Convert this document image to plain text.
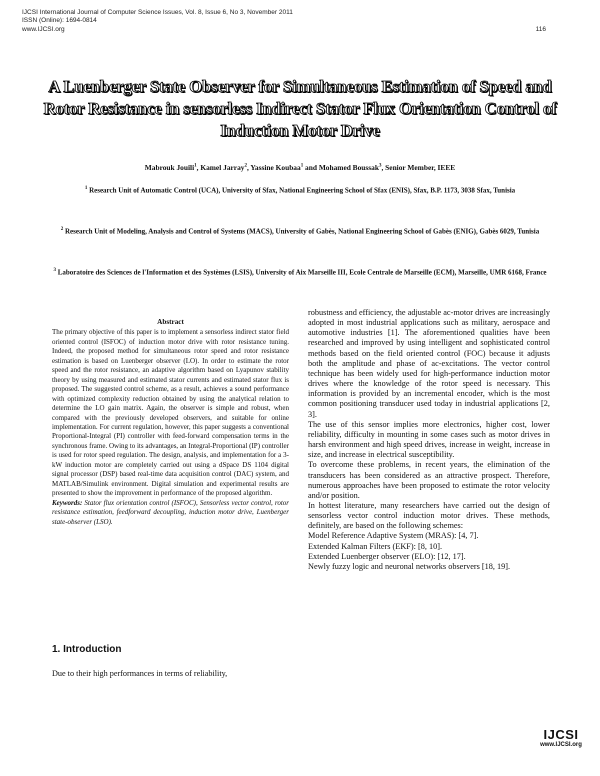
IJCSI International Journal of Computer Science Issues, Vol. 8, Issue 6, No 3, November 2011
ISSN (Online): 1694-0814
www.IJCSI.org	116
A Luenberger State Observer for Simultaneous Estimation of Speed and Rotor Resistance in sensorless Indirect Stator Flux Orientation Control of Induction Motor Drive
Mabrouk Jouili$^1$, Kamel Jarray$^2$, Yassine Koubaa$^1$ and Mohamed Boussak$^3$, Senior Member, IEEE
$^1$ Research Unit of Automatic Control (UCA), University of Sfax, National Engineering School of Sfax (ENIS), Sfax, B.P. 1173, 3038 Sfax, Tunisia
$^2$ Research Unit of Modeling, Analysis and Control of Systems (MACS), University of Gabès, National Engineering School of Gabès (ENIG), Gabès 6029, Tunisia
$^3$ Laboratoire des Sciences de l'Information et des Systèmes (LSIS), University of Aix Marseille III, Ecole Centrale de Marseille (ECM), Marseille, UMR 6168, France
Abstract
The primary objective of this paper is to implement a sensorless indirect stator field oriented control (ISFOC) of induction motor drive with rotor resistance tuning. Indeed, the proposed method for simultaneous rotor speed and rotor resistance estimation is based on Luenberger observer (LO). In order to estimate the rotor speed and the rotor resistance, an adaptive algorithm based on Lyapunov stability theory by using measured and estimated stator currents and estimated stator flux is proposed. The suggested control scheme, as a result, achieves a sound performance with optimized complexity reduction obtained by using the analytical relation to determine the LO gain matrix. Again, the observer is simple and robust, when compared with the previously developed observers, and suitable for online implementation. For current regulation, however, this paper suggests a conventional Proportional-Integral (PI) controller with feed-forward compensation terms in the synchronous frame. Owing to its advantages, an Integral-Proportional (IP) controller is used for rotor speed regulation. The design, analysis, and implementation for a 3-kW induction motor are completely carried out using a dSpace DS 1104 digital signal processor (DSP) based real-time data acquisition control (DAC) system, and MATLAB/Simulink environment. Digital simulation and experimental results are presented to show the improvement in performance of the proposed algorithm.
Keywords: Stator flux orientation control (ISFOC), Sensorless vector control, rotor resistance estimation, feedforward decoupling, induction motor drive, Luenberger state-observer (LSO).
1. Introduction
Due to their high performances in terms of reliability,

robustness and efficiency, the adjustable ac-motor drives are increasingly adopted in most industrial applications such as military, aerospace and automotive industries [1]. The aforementioned qualities have been researched and improved by using intelligent and sophisticated control methods based on the field oriented control (FOC) because it adjusts both the amplitude and phase of ac-excitations. The vector control technique has been widely used for high-performance induction motor drives where the knowledge of the rotor speed is necessary. This information is provided by an incremental encoder, which is the most common positioning transducer used today in industrial applications [2, 3].

The use of this sensor implies more electronics, higher cost, lower reliability, difficulty in mounting in some cases such as motor drives in harsh environment and high speed drives, increase in weight, increase in size, and increase in electrical susceptibility.

To overcome these problems, in recent years, the elimination of the transducers has been considered as an attractive prospect. Therefore, numerous approaches have been proposed to estimate the rotor velocity and/or position.

In hottest literature, many researchers have carried out the design of sensorless vector control induction motor drives. These methods, definitely, are based on the following schemes:

Model Reference Adaptive System (MRAS): [4, 7].

Extended Kalman Filters (EKF): [8, 10].

Extended Luenberger observer (ELO): [12, 17].

Newly fuzzy logic and neuronal networks observers [18, 19].

IJCSI
www.IJCSI.org
